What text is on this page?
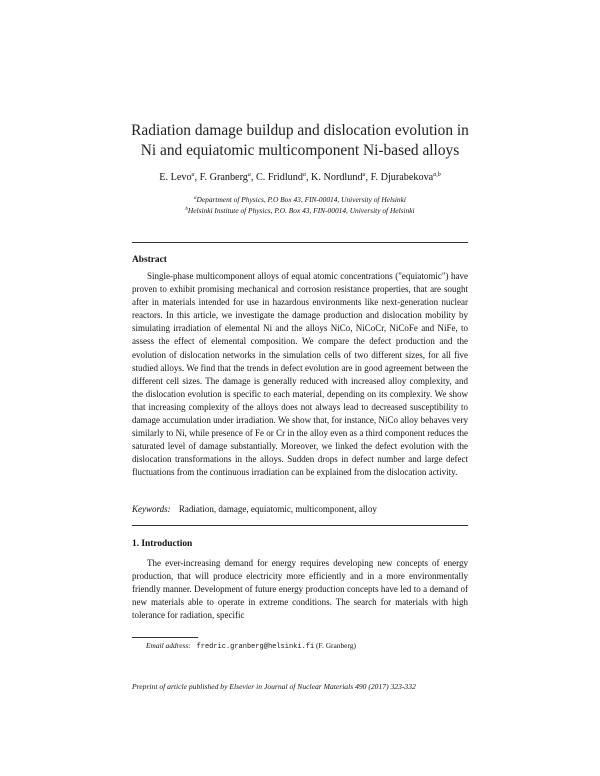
Radiation damage buildup and dislocation evolution in
Ni and equiatomic multicomponent Ni-based alloys
E. Levo$^a$, F. Granberg$^a$, C. Fridlund$^a$, K. Nordlund$^a$, F. Djurabekova$^{a,b}$
$^a$Department of Physics, P.O Box 43, FIN-00014, University of Helsinki
$^b$Helsinki Institute of Physics, P.O. Box 43, FIN-00014, University of Helsinki
Abstract
Single-phase multicomponent alloys of equal atomic concentrations ("equiatomic") have proven to exhibit promising mechanical and corrosion resistance properties, that are sought after in materials intended for use in hazardous environments like next-generation nuclear reactors. In this article, we investigate the damage production and dislocation mobility by simulating irradiation of elemental Ni and the alloys NiCo, NiCoCr, NiCoFe and NiFe, to assess the effect of elemental composition. We compare the defect production and the evolution of dislocation networks in the simulation cells of two different sizes, for all five studied alloys. We find that the trends in defect evolution are in good agreement between the different cell sizes. The damage is generally reduced with increased alloy complexity, and the dislocation evolution is specific to each material, depending on its complexity. We show that increasing complexity of the alloys does not always lead to decreased susceptibility to damage accumulation under irradiation. We show that, for instance, NiCo alloy behaves very similarly to Ni, while presence of Fe or Cr in the alloy even as a third component reduces the saturated level of damage substantially. Moreover, we linked the defect evolution with the dislocation transformations in the alloys. Sudden drops in defect number and large defect fluctuations from the continuous irradiation can be explained from the dislocation activity.
Keywords: Radiation, damage, equiatomic, multicomponent, alloy
1. Introduction
The ever-increasing demand for energy requires developing new concepts of energy production, that will produce electricity more efficiently and in a more environmentally friendly manner. Development of future energy production concepts have led to a demand of new materials able to operate in extreme conditions. The search for materials with high tolerance for radiation, specific
Email address: fredric.granberg@helsinki.fi (F. Granberg)
Preprint of article published by Elsevier in Journal of Nuclear Materials 490 (2017) 323-332
